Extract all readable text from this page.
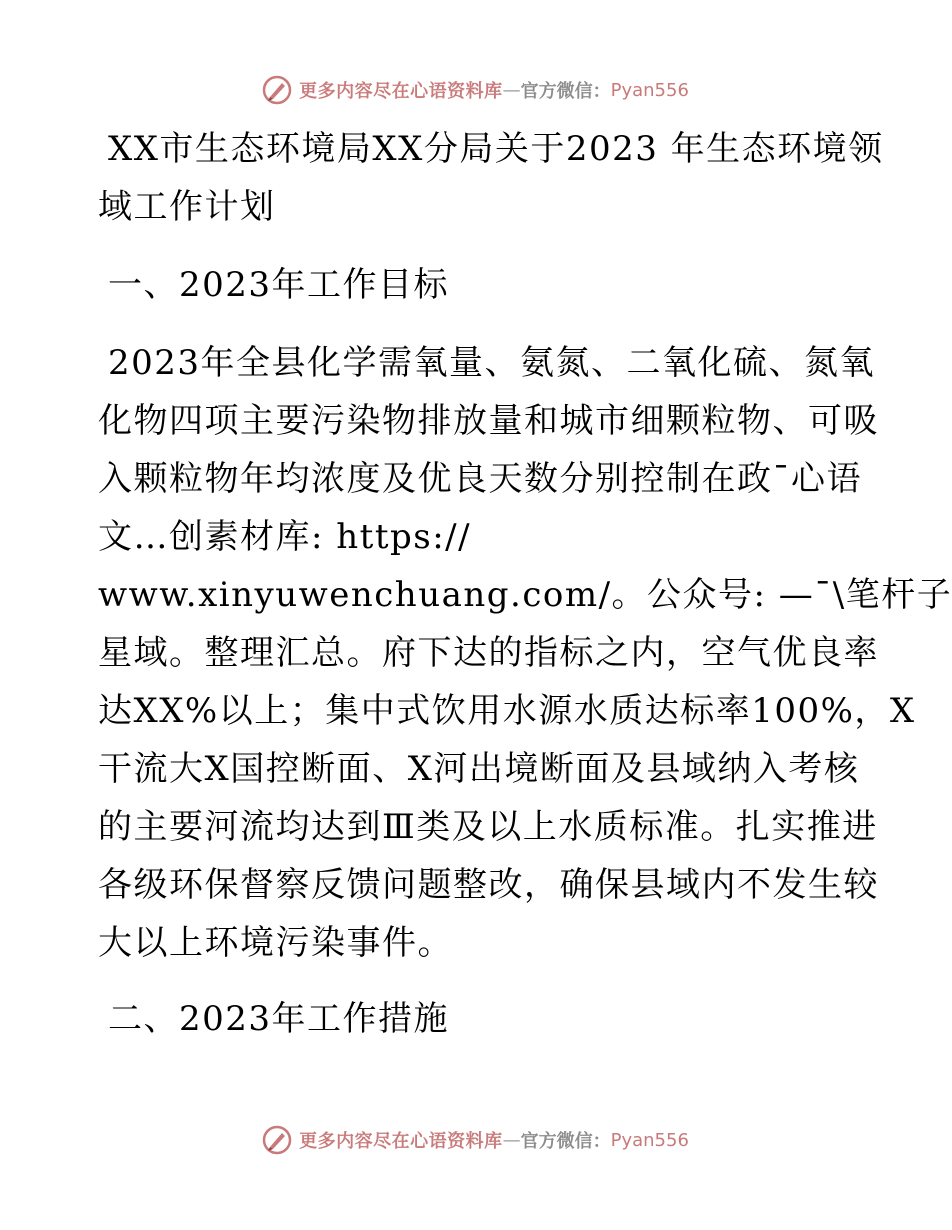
更多内容尽在心语资料库 — 官方微信： Pyan556
XX市生态环境局XX分局关于2023 年生态环境领
域工作计划
一、2023年工作目标
2023年全县化学需氧量、氨氮、二氧化硫、氮氧
化物四项主要污染物排放量和城市细颗粒物、可吸
入颗粒物年均浓度及优良天数分别控制在政¯心语
文…创素材库: https://
www.xinyuwenchuang.com/。公众号: —¯\笔杆子
星域。整理汇总。府下达的指标之内，空气优良率
达XX%以上；集中式饮用水源水质达标率100%，X
干流大X国控断面、X河出境断面及县域纳入考核
的主要河流均达到Ⅲ类及以上水质标准。扎实推进
各级环保督察反馈问题整改，确保县域内不发生较
大以上环境污染事件。
二、2023年工作措施
更多内容尽在心语资料库 — 官方微信： Pyan556
